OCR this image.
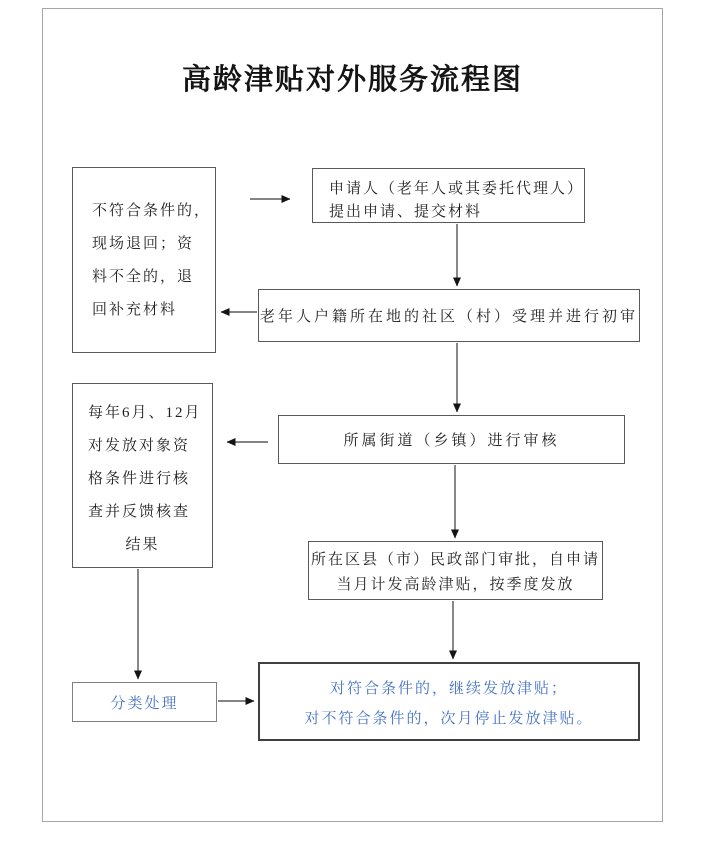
高龄津贴对外服务流程图
不符合条件的，
现场退回；资
料不全的，退
回补充材料
申请人（老年人或其委托代理人）
提出申请、提交材料
老年人户籍所在地的社区（村）受理并进行初审
每年6月、12月
对发放对象资
格条件进行核
查并反馈核查
结果
所属街道（乡镇）进行审核
所在区县（市）民政部门审批，自申请
当月计发高龄津贴，按季度发放
分类处理
对符合条件的，继续发放津贴；
对不符合条件的，次月停止发放津贴。
